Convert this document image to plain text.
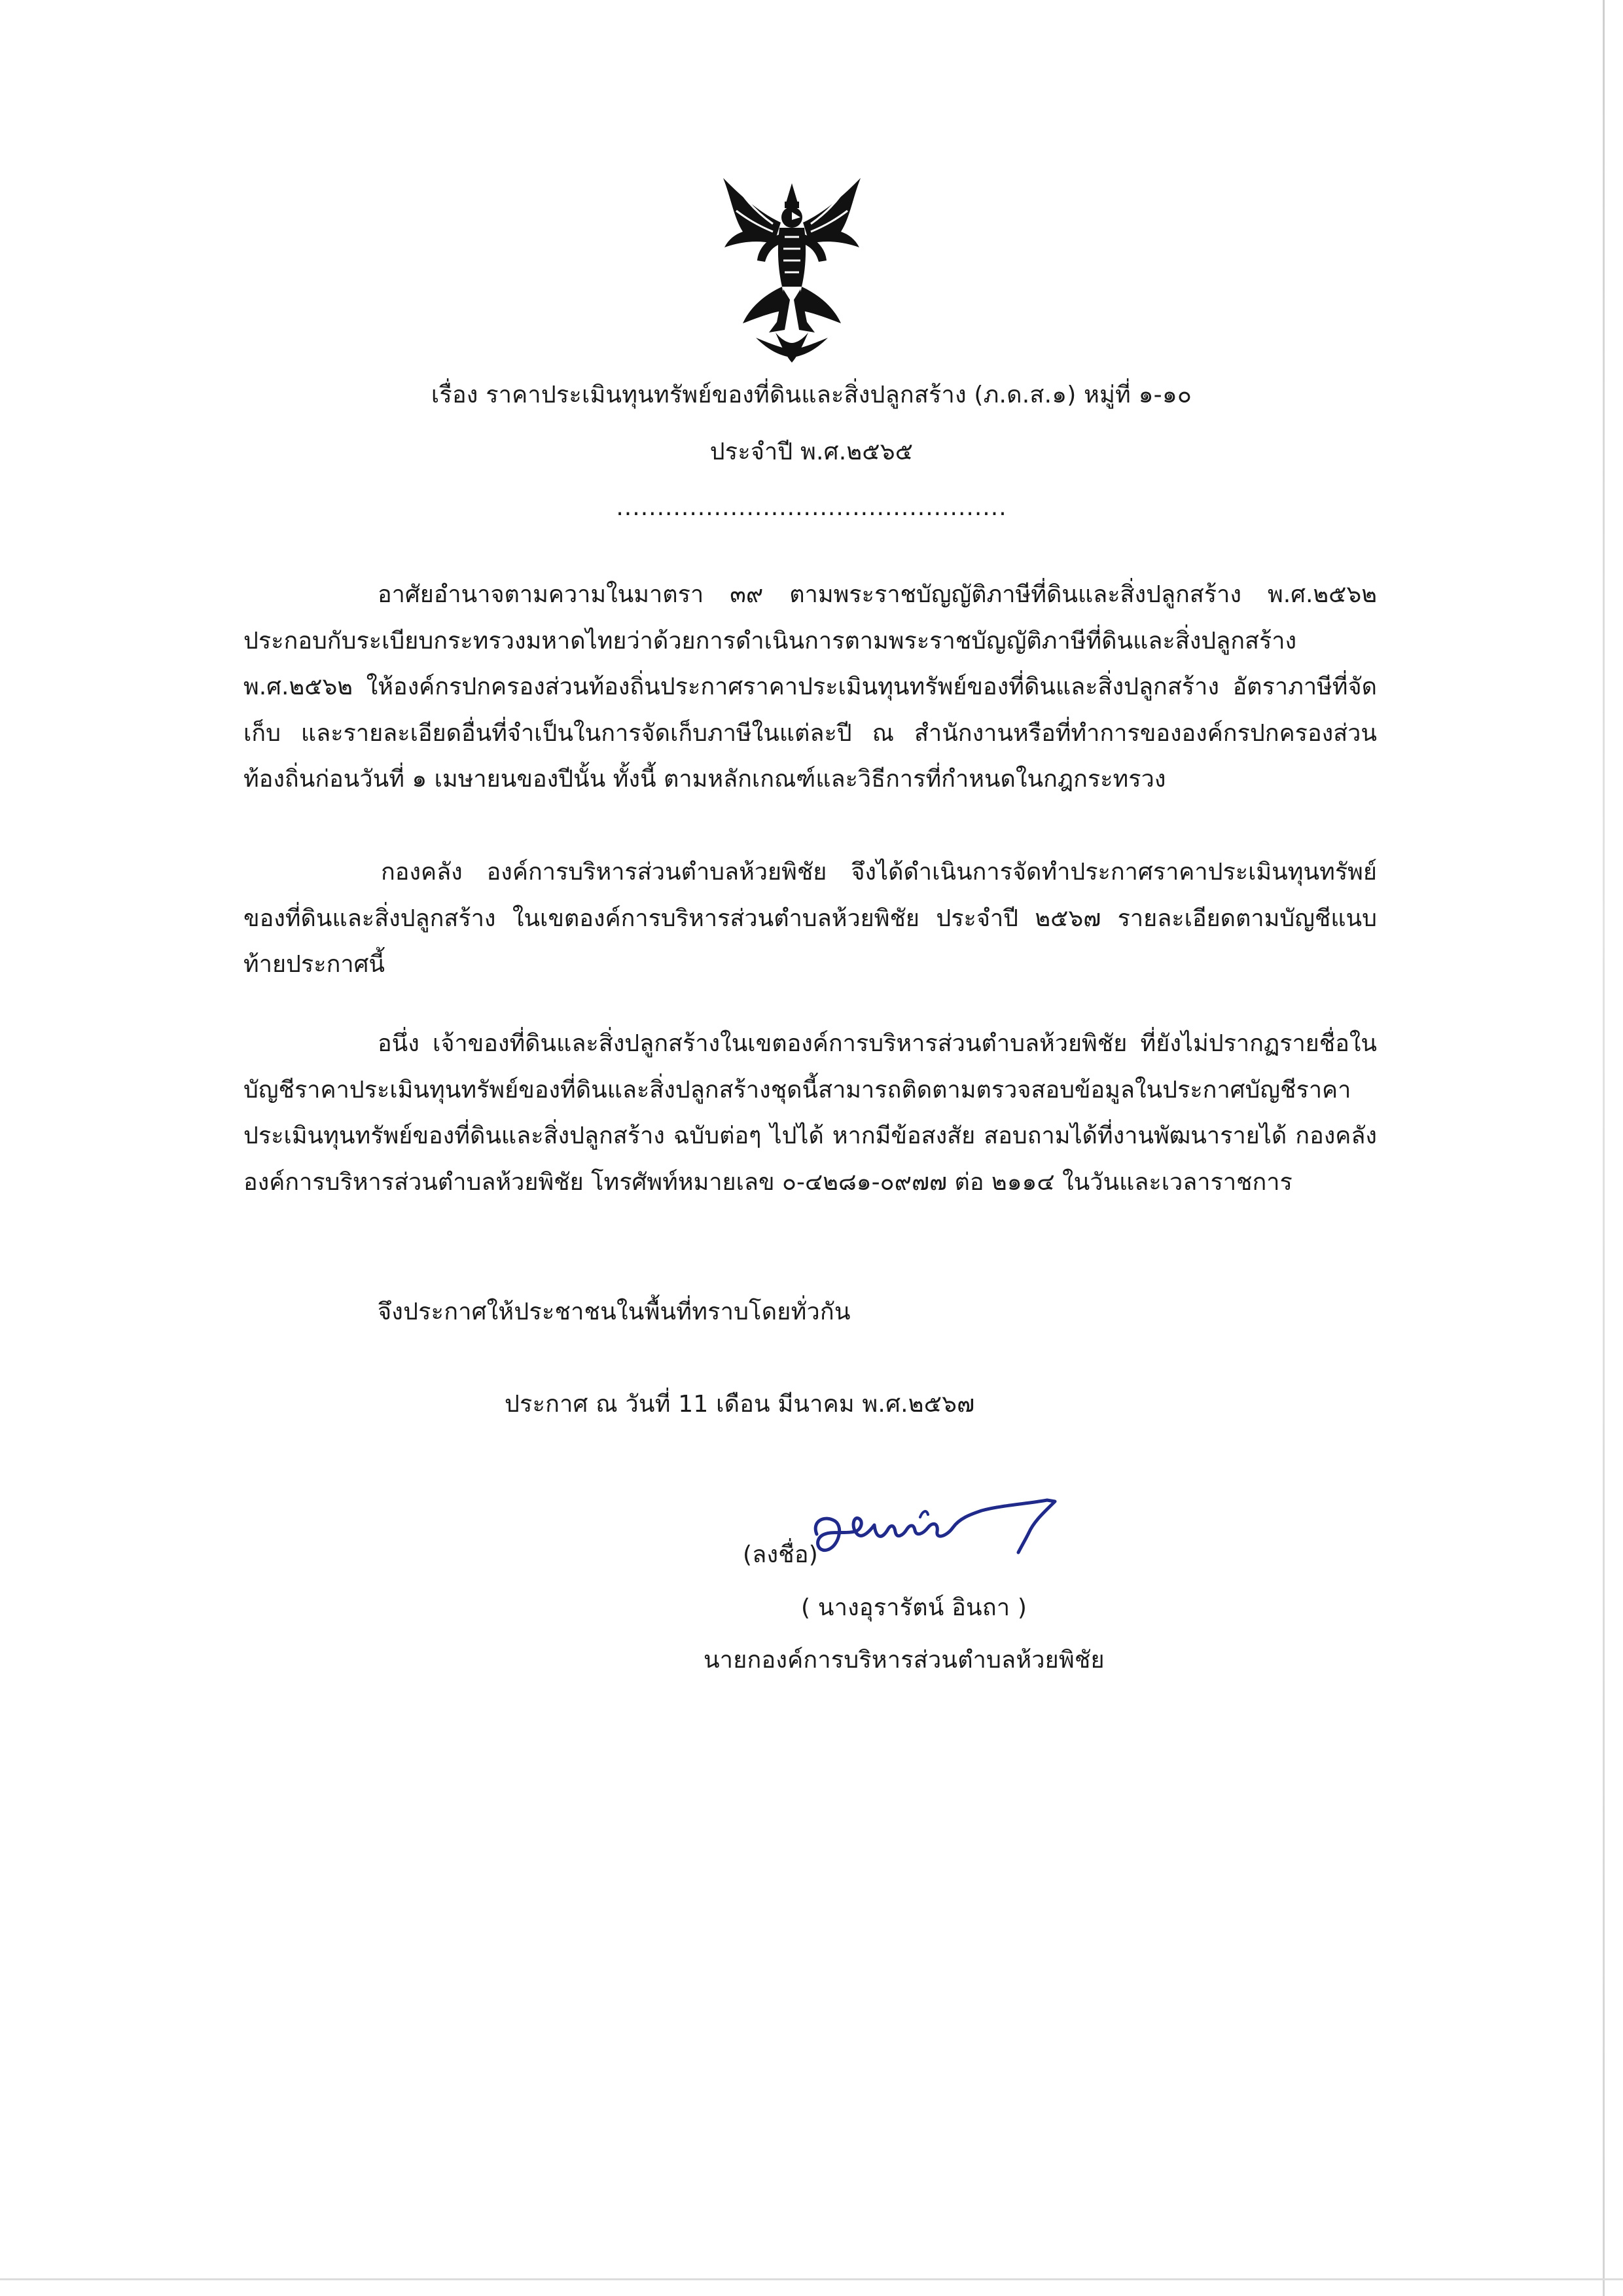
เรื่อง ราคาประเมินทุนทรัพย์ของที่ดินและสิ่งปลูกสร้าง (ภ.ด.ส.๑) หมู่ที่ ๑-๑๐
ประจำปี พ.ศ.๒๕๖๕
................................................
อาศัยอำนาจตามความในมาตรา ๓๙ ตามพระราชบัญญัติภาษีที่ดินและสิ่งปลูกสร้าง พ.ศ.๒๕๖๒ ประกอบกับระเบียบกระทรวงมหาดไทยว่าด้วยการดำเนินการตามพระราชบัญญัติภาษีที่ดินและสิ่งปลูกสร้าง พ.ศ.๒๕๖๒ ให้องค์กรปกครองส่วนท้องถิ่นประกาศราคาประเมินทุนทรัพย์ของที่ดินและสิ่งปลูกสร้าง อัตราภาษีที่จัดเก็บ และรายละเอียดอื่นที่จำเป็นในการจัดเก็บภาษีในแต่ละปี ณ สำนักงานหรือที่ทำการขององค์กรปกครองส่วนท้องถิ่นก่อนวันที่ ๑ เมษายนของปีนั้น ทั้งนี้ ตามหลักเกณฑ์และวิธีการที่กำหนดในกฎกระทรวง
กองคลัง องค์การบริหารส่วนตำบลห้วยพิชัย จึงได้ดำเนินการจัดทำประกาศราคาประเมินทุนทรัพย์ของที่ดินและสิ่งปลูกสร้าง ในเขตองค์การบริหารส่วนตำบลห้วยพิชัย ประจำปี ๒๕๖๗ รายละเอียดตามบัญชีแนบท้ายประกาศนี้
อนึ่ง เจ้าของที่ดินและสิ่งปลูกสร้างในเขตองค์การบริหารส่วนตำบลห้วยพิชัย ที่ยังไม่ปรากฏรายชื่อในบัญชีราคาประเมินทุนทรัพย์ของที่ดินและสิ่งปลูกสร้างชุดนี้สามารถติดตามตรวจสอบข้อมูลในประกาศบัญชีราคาประเมินทุนทรัพย์ของที่ดินและสิ่งปลูกสร้าง ฉบับต่อๆ ไปได้ หากมีข้อสงสัย สอบถามได้ที่งานพัฒนารายได้ กองคลัง องค์การบริหารส่วนตำบลห้วยพิชัย โทรศัพท์หมายเลข ๐-๔๒๘๑-๐๙๗๗ ต่อ ๒๑๑๔ ในวันและเวลาราชการ
จึงประกาศให้ประชาชนในพื้นที่ทราบโดยทั่วกัน
ประกาศ ณ วันที่ 11 เดือน มีนาคม พ.ศ.๒๕๖๗
(ลงชื่อ)
( นางอุรารัตน์ อินถา )
นายกองค์การบริหารส่วนตำบลห้วยพิชัย
